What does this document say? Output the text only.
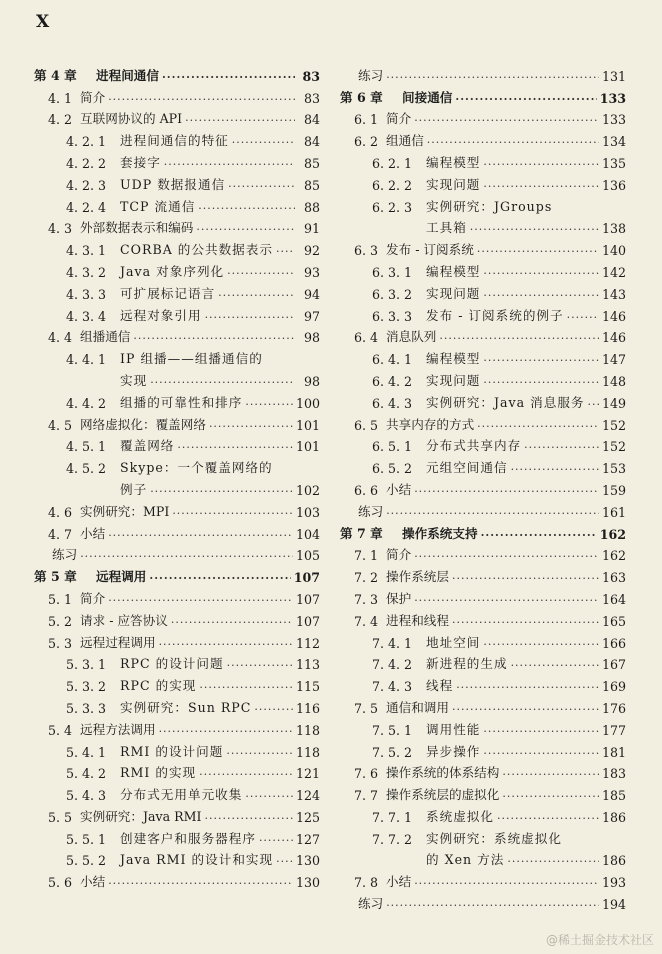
X
第 4 章	进程间通信 ·····	83
4. 1 简介 ·····	83
4. 2 互联网协议的 API ·····	84
4. 2. 1	进程间通信的特征 ·····	84
4. 2. 2	套接字 ·····	85
4. 2. 3	UDP 数据报通信 ·····	85
4. 2. 4	TCP 流通信 ·····	88
4. 3 外部数据表示和编码 ·····	91
4. 3. 1	CORBA 的公共数据表示 ·····	92
4. 3. 2	Java 对象序列化 ·····	93
4. 3. 3	可扩展标记语言 ·····	94
4. 3. 4	远程对象引用 ·····	97
4. 4 组播通信 ·····	98
4. 4. 1	IP 组播——组播通信的
实现 ·····	98
4. 4. 2	组播的可靠性和排序 ·····	100
4. 5 网络虚拟化：覆盖网络 ·····	101
4. 5. 1	覆盖网络 ·····	101
4. 5. 2	Skype：一个覆盖网络的
例子 ·····	102
4. 6 实例研究：MPI ·····	103
4. 7 小结 ·····	104
练习 ·····	105
第 5 章	远程调用 ·····	107
5. 1 简介 ·····	107
5. 2 请求 - 应答协议 ·····	107
5. 3 远程过程调用 ·····	112
5. 3. 1	RPC 的设计问题 ·····	113
5. 3. 2	RPC 的实现 ·····	115
5. 3. 3	实例研究：Sun RPC ·····	116
5. 4 远程方法调用 ·····	118
5. 4. 1	RMI 的设计问题 ·····	118
5. 4. 2	RMI 的实现 ·····	121
5. 4. 3	分布式无用单元收集 ·····	124
5. 5 实例研究：Java RMI ·····	125
5. 5. 1	创建客户和服务器程序 ·····	127
5. 5. 2	Java RMI 的设计和实现 ····· 130
5. 6 小结 ·····	130
练习 ·····	131
第 6 章	间接通信 ·····	133
6. 1 简介 ·····	133
6. 2 组通信 ·····	134
6. 2. 1	编程模型 ·····	135
6. 2. 2	实现问题 ·····	136
6. 2. 3	实例研究：JGroups
工具箱 ·····	138
6. 3 发布 - 订阅系统 ·····	140
6. 3. 1	编程模型 ·····	142
6. 3. 2	实现问题 ·····	143
6. 3. 3	发布 - 订阅系统的例子 ·····	146
6. 4 消息队列 ·····	146
6. 4. 1	编程模型 ·····	147
6. 4. 2	实现问题 ·····	148
6. 4. 3	实例研究：Java 消息服务 ····· 149
6. 5 共享内存的方式 ·····	152
6. 5. 1	分布式共享内存 ·····	152
6. 5. 2	元组空间通信 ·····	153
6. 6 小结 ·····	159
练习 ·····	161
第 7 章	操作系统支持 ·····	162
7. 1 简介 ·····	162
7. 2 操作系统层 ·····	163
7. 3 保护 ·····	164
7. 4 进程和线程 ·····	165
7. 4. 1	地址空间 ·····	166
7. 4. 2	新进程的生成 ·····	167
7. 4. 3	线程 ·····	169
7. 5 通信和调用 ·····	176
7. 5. 1	调用性能 ·····	177
7. 5. 2	异步操作 ·····	181
7. 6 操作系统的体系结构 ·····	183
7. 7 操作系统层的虚拟化 ·····	185
7. 7. 1	系统虚拟化 ·····	186
7. 7. 2	实例研究：系统虚拟化
的 Xen 方法 ·····	186
7. 8 小结 ·····	193
练习 ·····	194
@稀土掘金技术社区
